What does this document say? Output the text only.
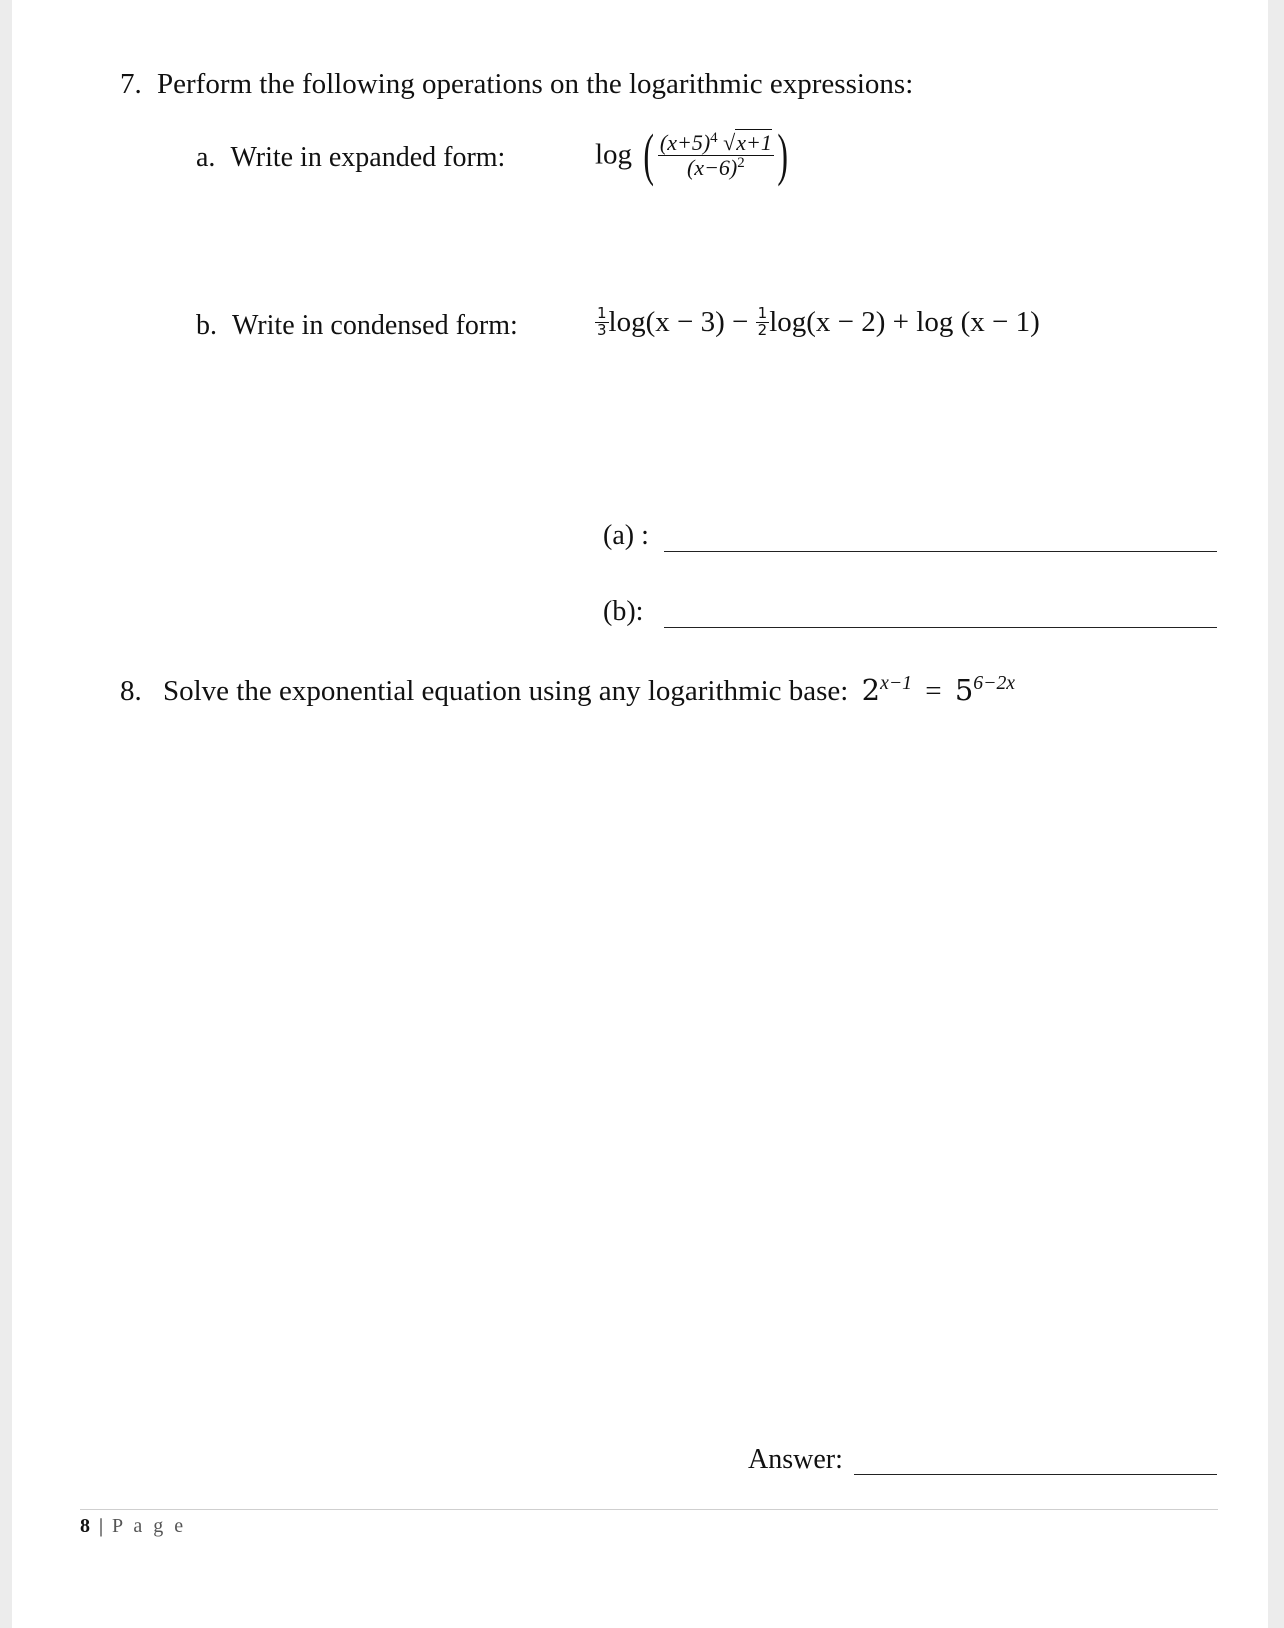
7. Perform the following operations on the logarithmic expressions:
a. Write in expanded form:	log ( $\frac{(x+5)^4 √x+1}{(x-6)^2}$ )
b. Write in condensed form:	$\frac{1}{3} \log(x - 3) - \frac{1}{2} \log(x - 2) + \log (x - 1)$
(a) :
(b):
8. Solve the exponential equation using any logarithmic base: $2^{x-1} = 5^{6-2x}$
Answer:
8 | P a g e
